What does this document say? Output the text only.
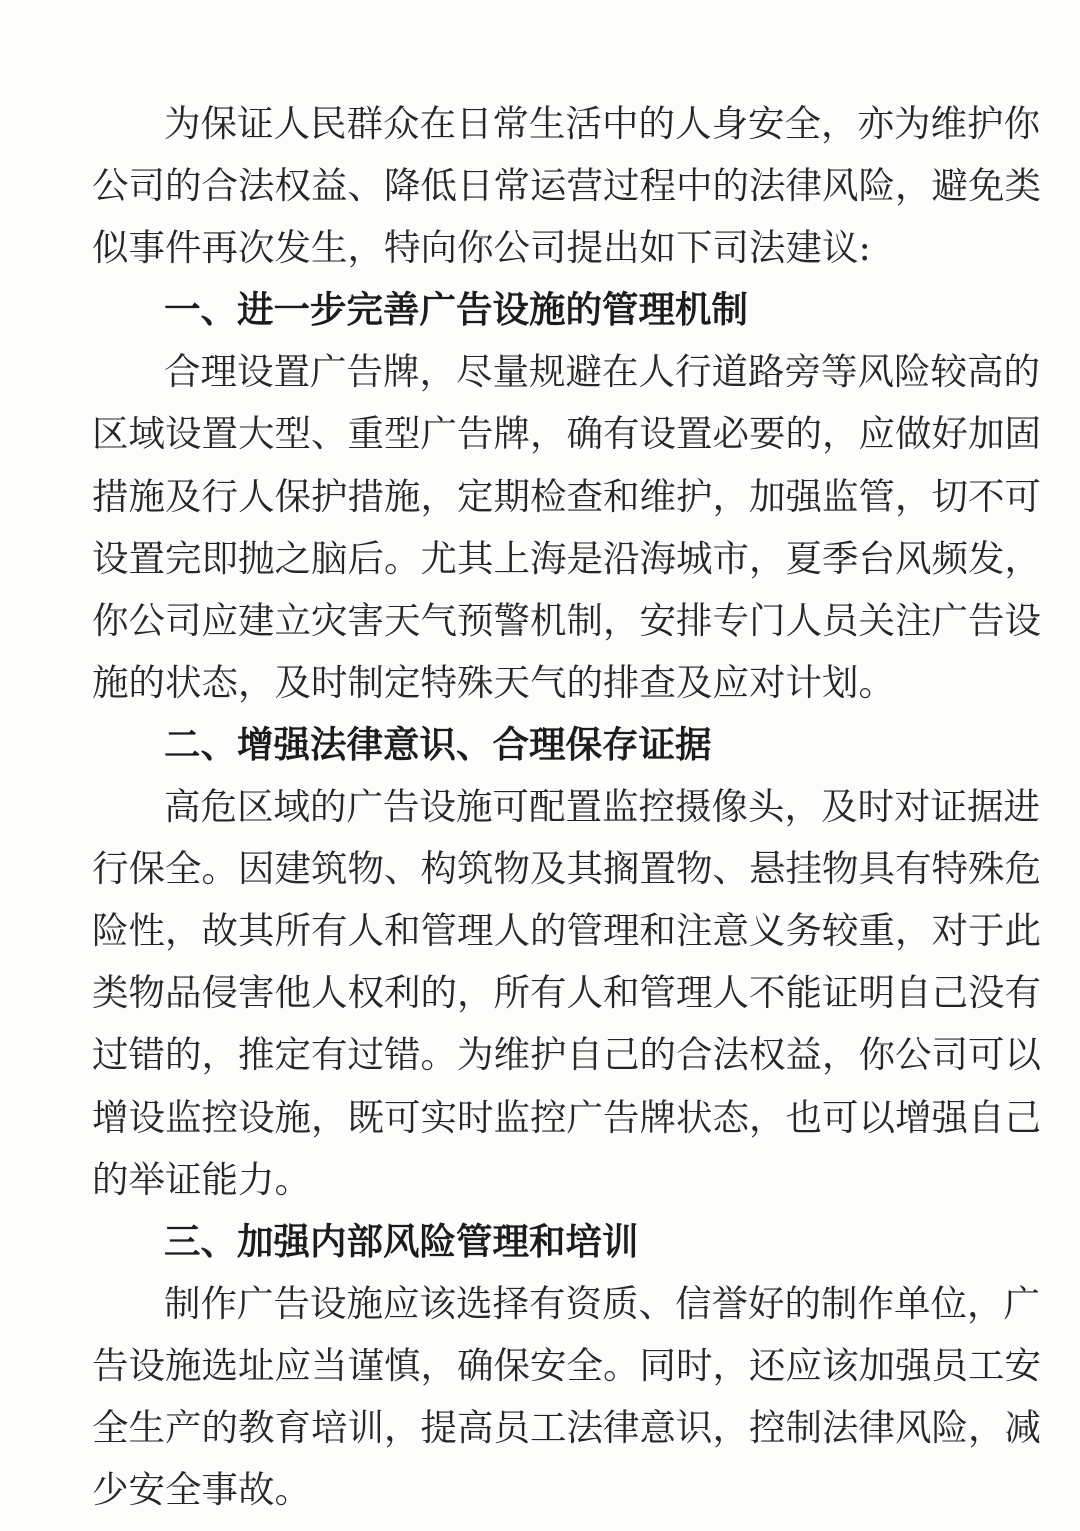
为保证人民群众在日常生活中的人身安全，亦为维护你
公司的合法权益、降低日常运营过程中的法律风险，避免类
似事件再次发生，特向你公司提出如下司法建议:
一、进一步完善广告设施的管理机制
合理设置广告牌，尽量规避在人行道路旁等风险较高的
区域设置大型、重型广告牌，确有设置必要的，应做好加固
措施及行人保护措施，定期检查和维护，加强监管，切不可
设置完即抛之脑后。尤其上海是沿海城市，夏季台风频发，
你公司应建立灾害天气预警机制，安排专门人员关注广告设
施的状态，及时制定特殊天气的排查及应对计划。
二、增强法律意识、合理保存证据
高危区域的广告设施可配置监控摄像头，及时对证据进
行保全。因建筑物、构筑物及其搁置物、悬挂物具有特殊危
险性，故其所有人和管理人的管理和注意义务较重，对于此
类物品侵害他人权利的，所有人和管理人不能证明自己没有
过错的，推定有过错。为维护自己的合法权益，你公司可以
增设监控设施，既可实时监控广告牌状态，也可以增强自己
的举证能力。
三、加强内部风险管理和培训
制作广告设施应该选择有资质、信誉好的制作单位，广
告设施选址应当谨慎，确保安全。同时，还应该加强员工安
全生产的教育培训，提高员工法律意识，控制法律风险，减
少安全事故。
